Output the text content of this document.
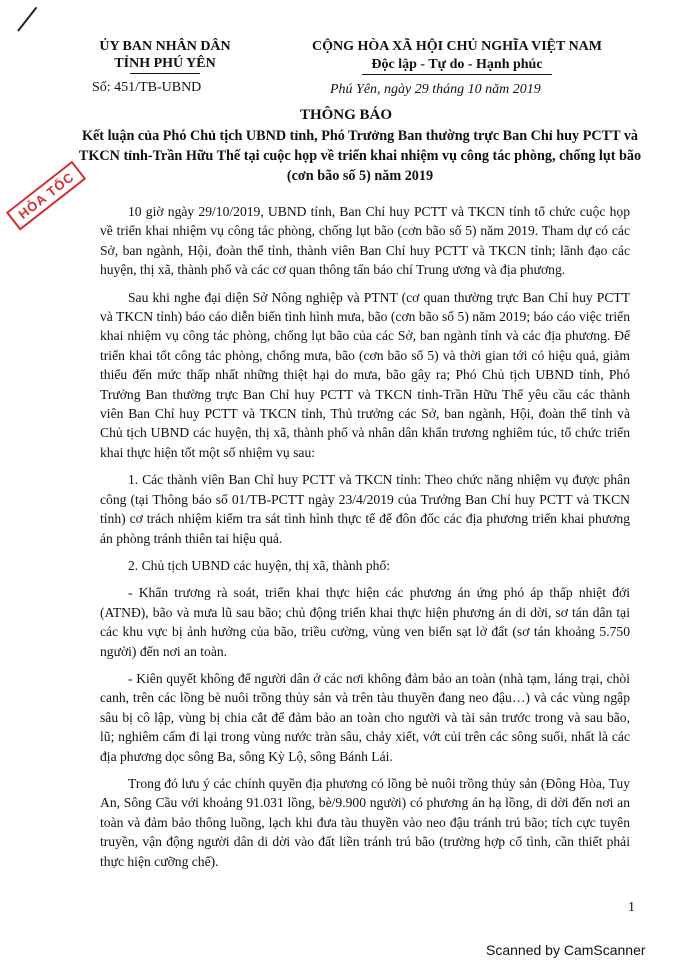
ỦY BAN NHÂN DÂN
TỈNH PHÚ YÊN
Số: 451/TB-UBND
CỘNG HÒA XÃ HỘI CHỦ NGHĨA VIỆT NAM
Độc lập - Tự do - Hạnh phúc
Phú Yên, ngày 29 tháng 10 năm 2019
THÔNG BÁO
Kết luận của Phó Chủ tịch UBND tỉnh, Phó Trưởng Ban thường trực Ban Chỉ huy PCTT và TKCN tỉnh-Trần Hữu Thế tại cuộc họp về triển khai nhiệm vụ công tác phòng, chống lụt bão (cơn bão số 5) năm 2019
HỎA TỐC	10 giờ ngày 29/10/2019, UBND tỉnh, Ban Chỉ huy PCTT và TKCN tỉnh tổ chức cuộc họp về triển khai nhiệm vụ công tác phòng, chống lụt bão (cơn bão số 5) năm 2019. Tham dự có các Sở, ban ngành, Hội, đoàn thể tỉnh, thành viên Ban Chỉ huy PCTT và TKCN tỉnh; lãnh đạo các huyện, thị xã, thành phố và các cơ quan thông tấn báo chí Trung ương và địa phương.

Sau khi nghe đại diện Sở Nông nghiệp và PTNT (cơ quan thường trực Ban Chỉ huy PCTT và TKCN tỉnh) báo cáo diễn biến tình hình mưa, bão (cơn bão số 5) năm 2019; báo cáo việc triển khai nhiệm vụ công tác phòng, chống lụt bão của các Sở, ban ngành tỉnh và các địa phương. Để triển khai tốt công tác phòng, chống mưa, bão (cơn bão số 5) và thời gian tới có hiệu quả, giảm thiểu đến mức thấp nhất những thiệt hại do mưa, bão gây ra; Phó Chủ tịch UBND tỉnh, Phó Trưởng Ban thường trực Ban Chỉ huy PCTT và TKCN tỉnh-Trần Hữu Thế yêu cầu các thành viên Ban Chỉ huy PCTT và TKCN tỉnh, Thủ trưởng các Sở, ban ngành, Hội, đoàn thể tỉnh và Chủ tịch UBND các huyện, thị xã, thành phố và nhân dân khẩn trương nghiêm túc, tổ chức triển khai thực hiện tốt một số nhiệm vụ sau:

1. Các thành viên Ban Chỉ huy PCTT và TKCN tỉnh: Theo chức năng nhiệm vụ được phân công (tại Thông báo số 01/TB-PCTT ngày 23/4/2019 của Trưởng Ban Chỉ huy PCTT và TKCN tỉnh) cơ trách nhiệm kiểm tra sát tình hình thực tế để đôn đốc các địa phương triển khai phương án phòng tránh thiên tai hiệu quả.

2. Chủ tịch UBND các huyện, thị xã, thành phố:

- Khẩn trương rà soát, triển khai thực hiện các phương án ứng phó áp thấp nhiệt đới (ATNĐ), bão và mưa lũ sau bão; chủ động triển khai thực hiện phương án di dời, sơ tán dân tại các khu vực bị ảnh hưởng của bão, triều cường, vùng ven biển sạt lở đất (sơ tán khoảng 5.750 người) đến nơi an toàn.

- Kiên quyết không để người dân ở các nơi không đảm bảo an toàn (nhà tạm, láng trại, chòi canh, trên các lồng bè nuôi trồng thủy sản và trên tàu thuyền đang neo đậu…) và các vùng ngập sâu bị cô lập, vùng bị chia cắt để đảm bảo an toàn cho người và tài sản trước trong và sau bão, lũ; nghiêm cấm đi lại trong vùng nước tràn sâu, chảy xiết, vớt củi trên các sông suối, nhất là các địa phương dọc sông Ba, sông Kỳ Lộ, sông Bánh Lái.

Trong đó lưu ý các chính quyền địa phương có lồng bè nuôi trồng thủy sản (Đông Hòa, Tuy An, Sông Cầu với khoảng 91.031 lồng, bè/9.900 người) có phương án hạ lồng, di dời đến nơi an toàn và đảm bảo thông luồng, lạch khi đưa tàu thuyền vào neo đậu tránh trú bão; tích cực tuyên truyền, vận động người dân di dời vào đất liền tránh trú bão (trường hợp cố tình, cần thiết phải thực hiện cưỡng chế).

1
Scanned by CamScanner
